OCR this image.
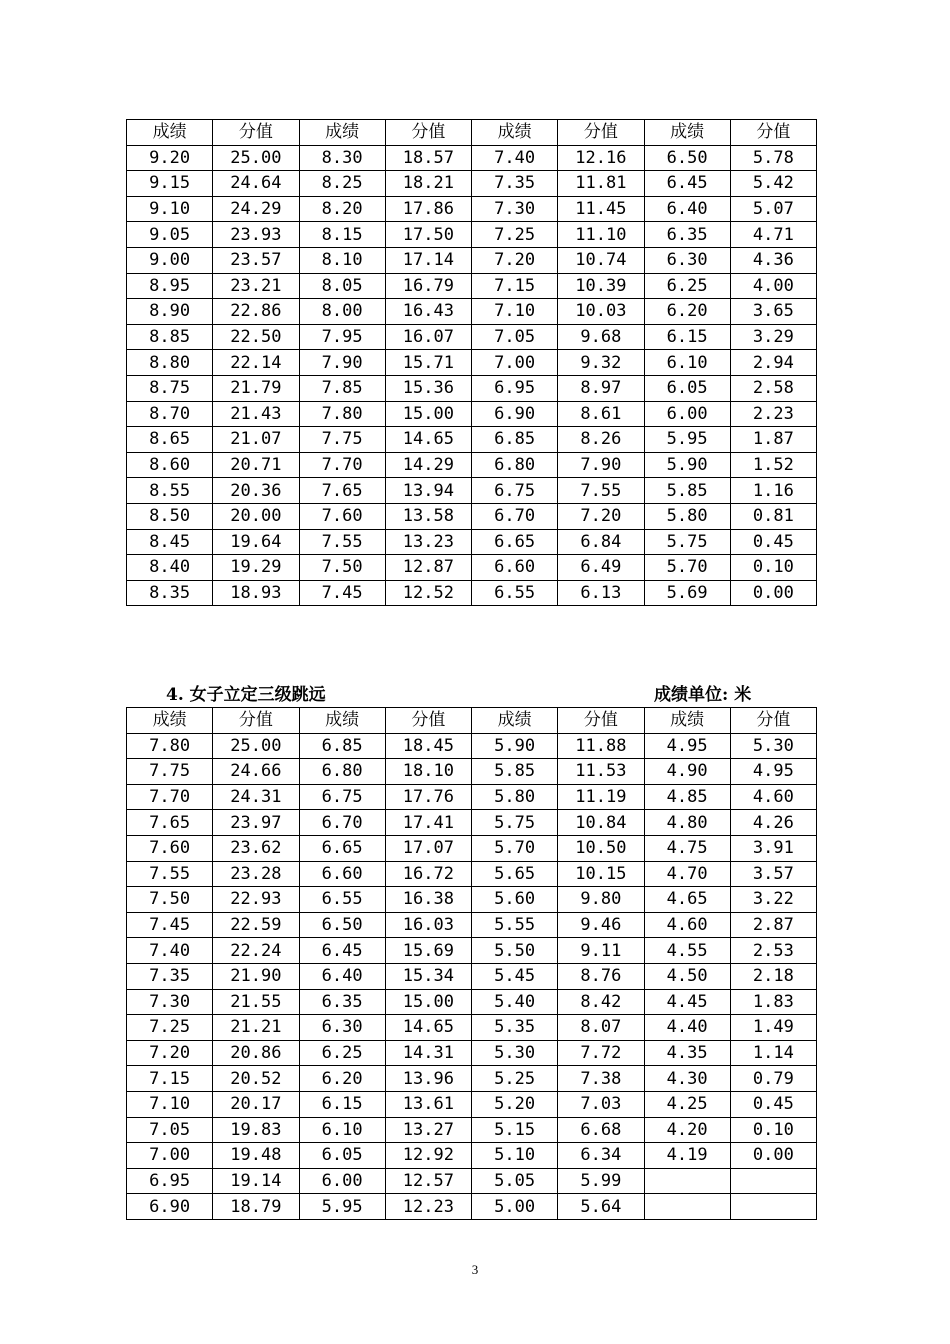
成绩	分值	成绩	分值	成绩	分值	成绩	分值
9.20	25.00	8.30	18.57	7.40	12.16	6.50	5.78
9.15	24.64	8.25	18.21	7.35	11.81	6.45	5.42
9.10	24.29	8.20	17.86	7.30	11.45	6.40	5.07
9.05	23.93	8.15	17.50	7.25	11.10	6.35	4.71
9.00	23.57	8.10	17.14	7.20	10.74	6.30	4.36
8.95	23.21	8.05	16.79	7.15	10.39	6.25	4.00
8.90	22.86	8.00	16.43	7.10	10.03	6.20	3.65
8.85	22.50	7.95	16.07	7.05	9.68	6.15	3.29
8.80	22.14	7.90	15.71	7.00	9.32	6.10	2.94
8.75	21.79	7.85	15.36	6.95	8.97	6.05	2.58
8.70	21.43	7.80	15.00	6.90	8.61	6.00	2.23
8.65	21.07	7.75	14.65	6.85	8.26	5.95	1.87
8.60	20.71	7.70	14.29	6.80	7.90	5.90	1.52
8.55	20.36	7.65	13.94	6.75	7.55	5.85	1.16
8.50	20.00	7.60	13.58	6.70	7.20	5.80	0.81
8.45	19.64	7.55	13.23	6.65	6.84	5.75	0.45
8.40	19.29	7.50	12.87	6.60	6.49	5.70	0.10
8.35	18.93	7.45	12.52	6.55	6.13	5.69	0.00
4. 女子立定三级跳远	成绩单位: 米
成绩	分值	成绩	分值	成绩	分值	成绩	分值
7.80	25.00	6.85	18.45	5.90	11.88	4.95	5.30
7.75	24.66	6.80	18.10	5.85	11.53	4.90	4.95
7.70	24.31	6.75	17.76	5.80	11.19	4.85	4.60
7.65	23.97	6.70	17.41	5.75	10.84	4.80	4.26
7.60	23.62	6.65	17.07	5.70	10.50	4.75	3.91
7.55	23.28	6.60	16.72	5.65	10.15	4.70	3.57
7.50	22.93	6.55	16.38	5.60	9.80	4.65	3.22
7.45	22.59	6.50	16.03	5.55	9.46	4.60	2.87
7.40	22.24	6.45	15.69	5.50	9.11	4.55	2.53
7.35	21.90	6.40	15.34	5.45	8.76	4.50	2.18
7.30	21.55	6.35	15.00	5.40	8.42	4.45	1.83
7.25	21.21	6.30	14.65	5.35	8.07	4.40	1.49
7.20	20.86	6.25	14.31	5.30	7.72	4.35	1.14
7.15	20.52	6.20	13.96	5.25	7.38	4.30	0.79
7.10	20.17	6.15	13.61	5.20	7.03	4.25	0.45
7.05	19.83	6.10	13.27	5.15	6.68	4.20	0.10
7.00	19.48	6.05	12.92	5.10	6.34	4.19	0.00
6.95	19.14	6.00	12.57	5.05	5.99		
6.90	18.79	5.95	12.23	5.00	5.64		
3
